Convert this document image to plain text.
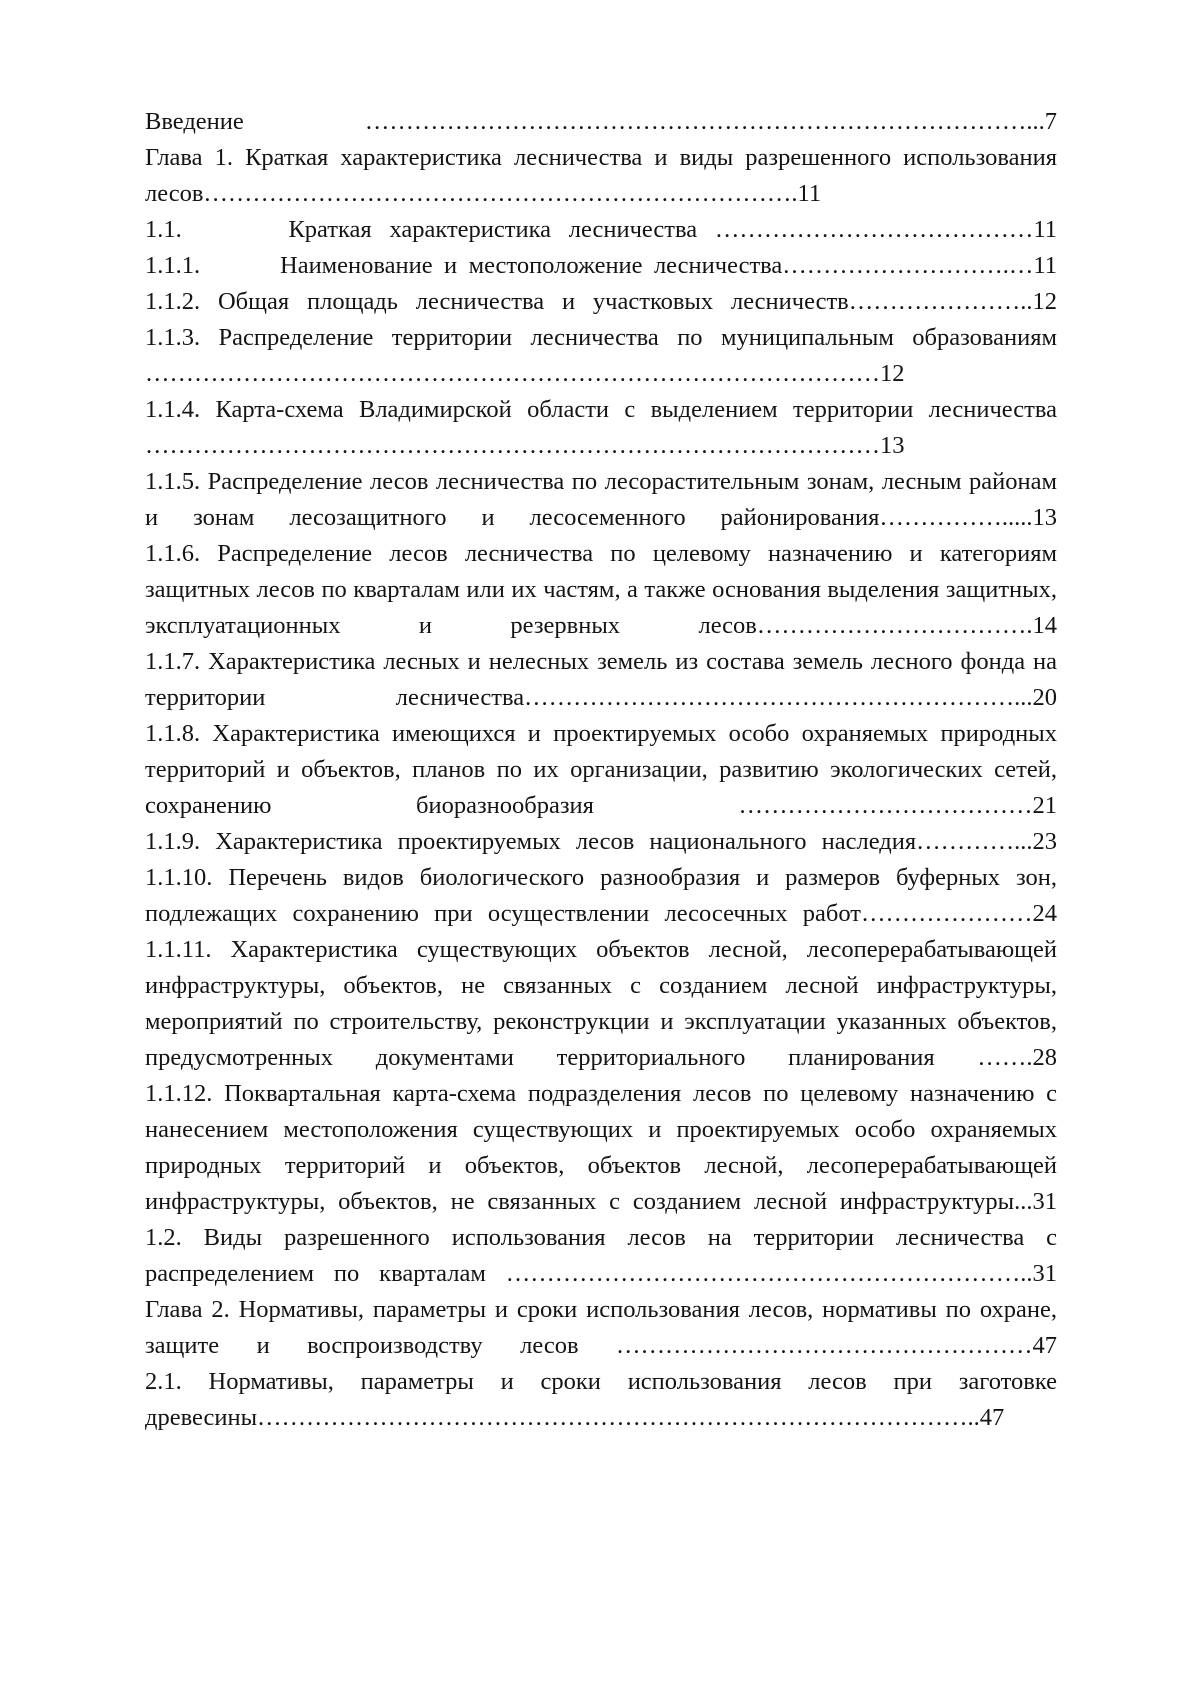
Введение ………………………………………………………………………...7

Глава 1. Краткая характеристика лесничества и виды разрешенного использования лесов……………………………………………………………….11

1.1.      Краткая характеристика лесничества …………………………………11

1.1.1.       Наименование и местоположение лесничества……………………….…11

1.1.2. Общая площадь лесничества и участковых лесничеств…………………..12

1.1.3. Распределение территории лесничества по муниципальным образованиям ………………………………………………………………………………12

1.1.4. Карта-схема Владимирской области с выделением территории лесничества ………………………………………………………………………………13

1.1.5. Распределение лесов лесничества по лесорастительным зонам, лесным районам и зонам лесозащитного и лесосеменного районирования…………….....13

1.1.6. Распределение лесов лесничества по целевому назначению и категориям защитных лесов по кварталам или их частям, а также основания выделения защитных, эксплуатационных и резервных лесов…………………………….14

1.1.7. Характеристика лесных и нелесных земель из состава земель лесного фонда на территории лесничества……………………………………………………...20

1.1.8. Характеристика имеющихся и проектируемых особо охраняемых природных территорий и объектов, планов по их организации, развитию экологических сетей, сохранению биоразнообразия ………………………………21

1.1.9. Характеристика проектируемых лесов национального наследия…………...23

1.1.10. Перечень видов биологического разнообразия и размеров буферных зон, подлежащих сохранению при осуществлении лесосечных работ…………………24

1.1.11. Характеристика существующих объектов лесной, лесоперерабатывающей инфраструктуры, объектов, не связанных с созданием лесной инфраструктуры, мероприятий по строительству, реконструкции и эксплуатации указанных объектов, предусмотренных документами территориального планирования …….28

1.1.12. Поквартальная карта-схема подразделения лесов по целевому назначению с нанесением местоположения существующих и проектируемых особо охраняемых природных территорий и объектов, объектов лесной, лесоперерабатывающей инфраструктуры, объектов, не связанных с созданием лесной инфраструктуры...31

1.2. Виды разрешенного использования лесов на территории лесничества с распределением по кварталам ………………………………………………………..31

Глава 2. Нормативы, параметры и сроки использования лесов, нормативы по охране, защите и воспроизводству лесов ……………………………………………47

2.1. Нормативы, параметры и сроки использования лесов при заготовке древесины……………………………………………………………………………..47
